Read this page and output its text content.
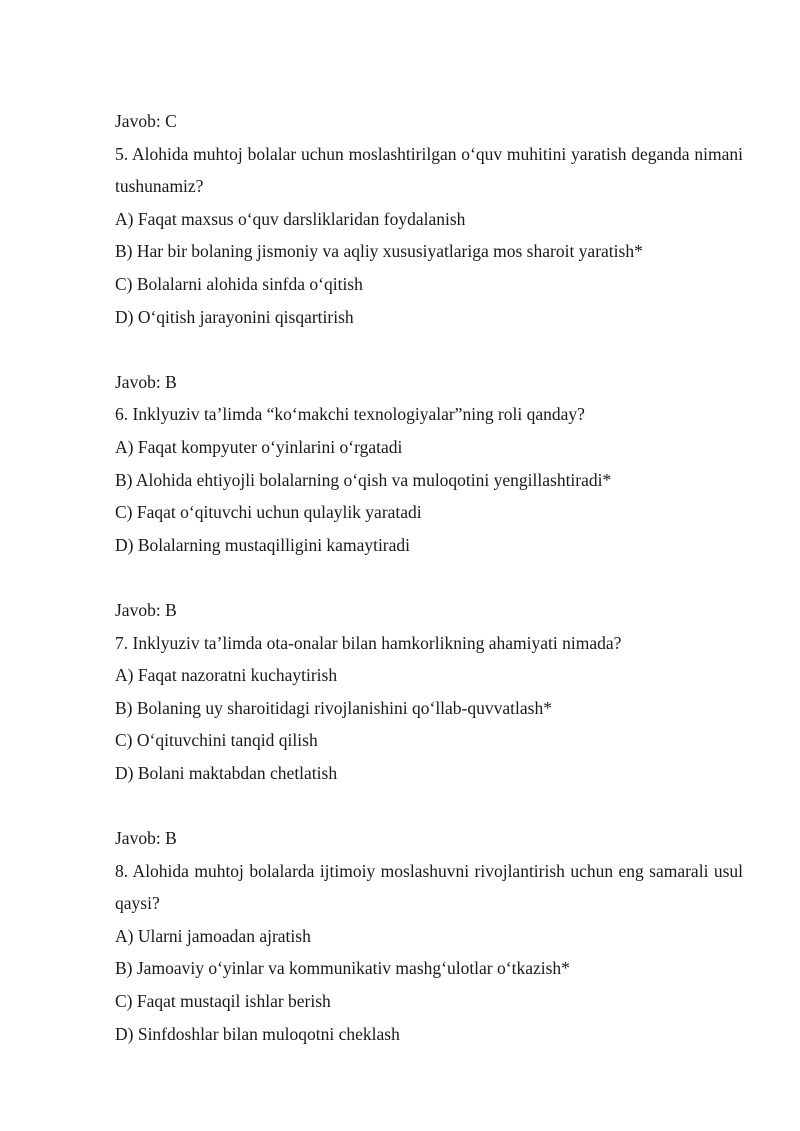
Javob: C
5. Alohida muhtoj bolalar uchun moslashtirilgan o‘quv muhitini yaratish deganda nimani tushunamiz?
A) Faqat maxsus o‘quv darsliklaridan foydalanish
B) Har bir bolaning jismoniy va aqliy xususiyatlariga mos sharoit yaratish*
C) Bolalarni alohida sinfda o‘qitish
D) O‘qitish jarayonini qisqartirish
Javob: B
6. Inklyuziv ta’limda “ko‘makchi texnologiyalar”ning roli qanday?
A) Faqat kompyuter o‘yinlarini o‘rgatadi
B) Alohida ehtiyojli bolalarning o‘qish va muloqotini yengillashtiradi*
C) Faqat o‘qituvchi uchun qulaylik yaratadi
D) Bolalarning mustaqilligini kamaytiradi
Javob: B
7. Inklyuziv ta’limda ota-onalar bilan hamkorlikning ahamiyati nimada?
A) Faqat nazoratni kuchaytirish
B) Bolaning uy sharoitidagi rivojlanishini qo‘llab-quvvatlash*
C) O‘qituvchini tanqid qilish
D) Bolani maktabdan chetlatish
Javob: B
8. Alohida muhtoj bolalarda ijtimoiy moslashuvni rivojlantirish uchun eng samarali usul qaysi?
A) Ularni jamoadan ajratish
B) Jamoaviy o‘yinlar va kommunikativ mashg‘ulotlar o‘tkazish*
C) Faqat mustaqil ishlar berish
D) Sinfdoshlar bilan muloqotni cheklash
